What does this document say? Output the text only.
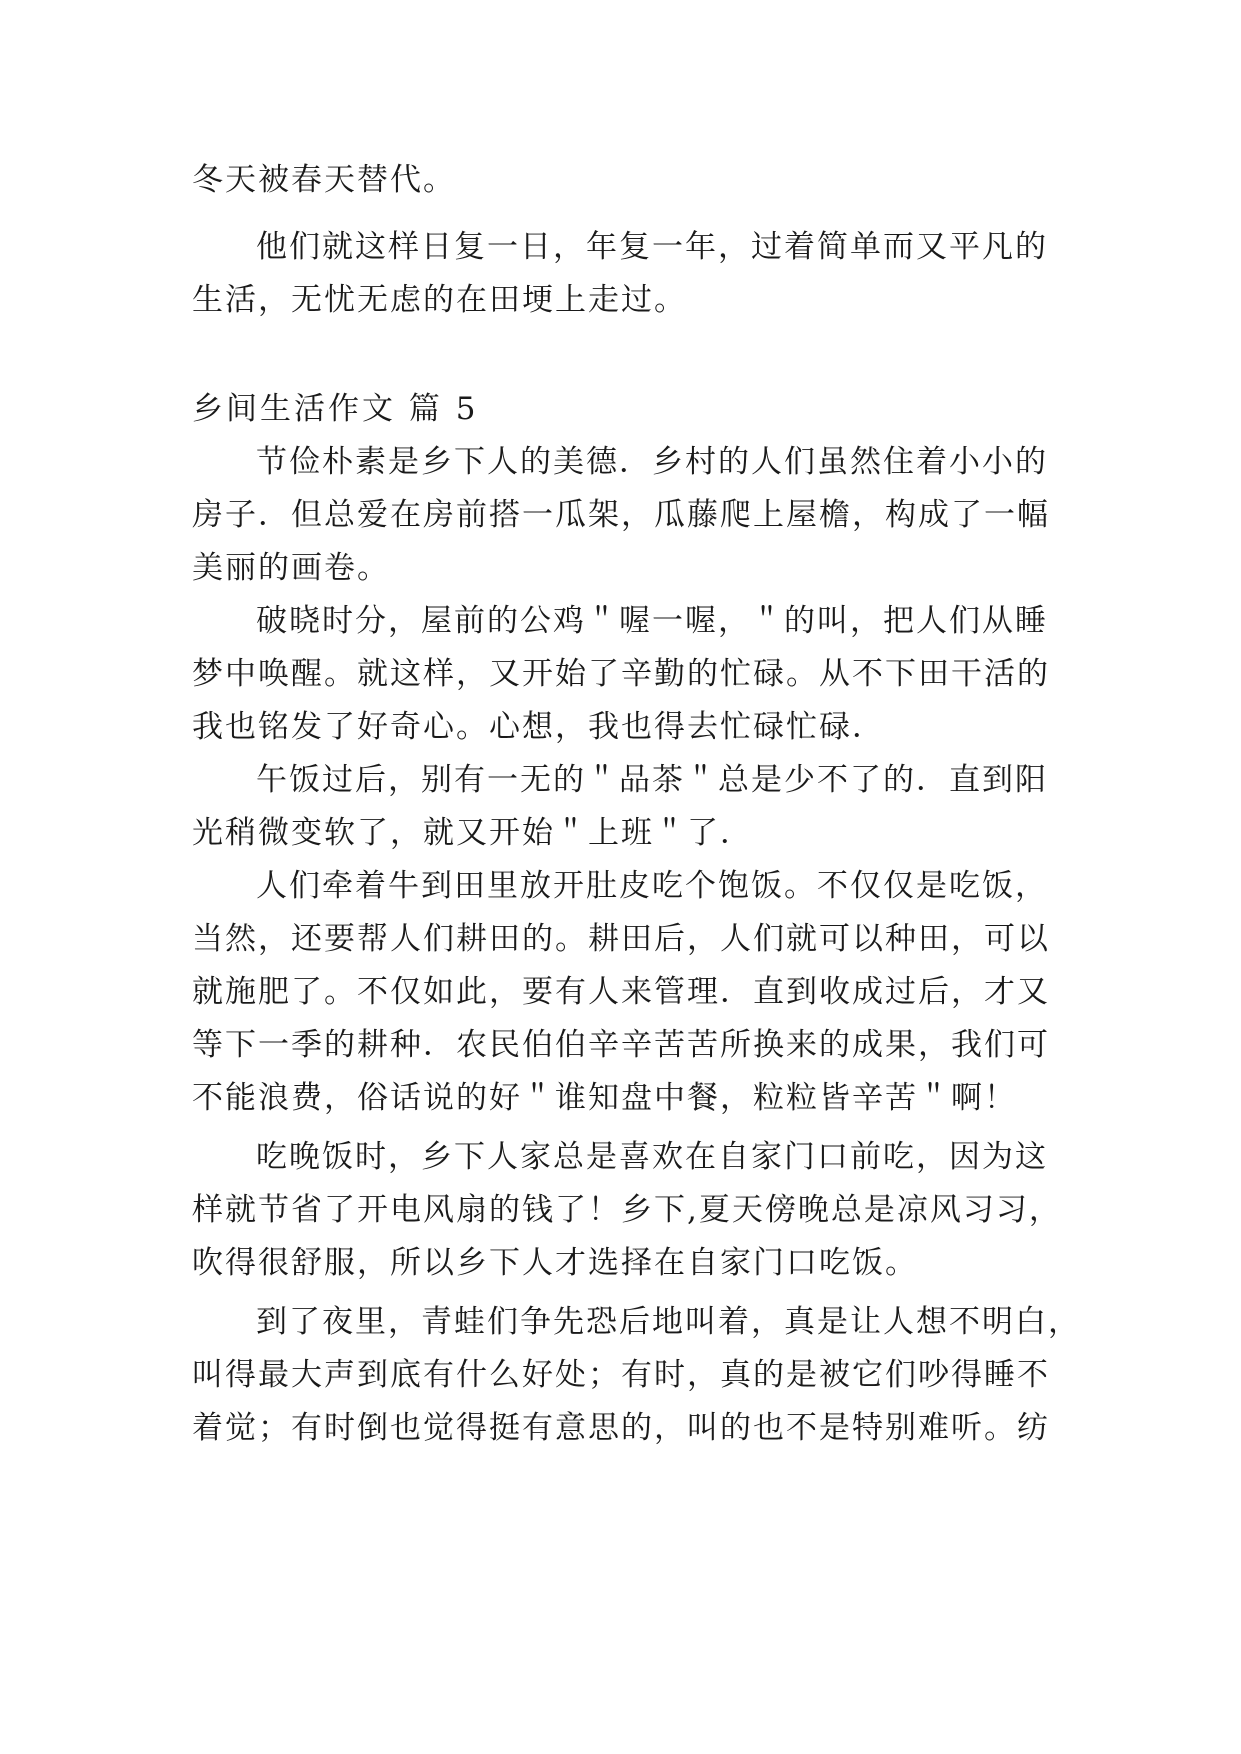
冬天被春天替代。
他们就这样日复一日，年复一年，过着简单而又平凡的
生活，无忧无虑的在田埂上走过。
乡间生活作文 篇 5
节俭朴素是乡下人的美德．乡村的人们虽然住着小小的
房子．但总爱在房前搭一瓜架，瓜藤爬上屋檐，构成了一幅
美丽的画卷。
破晓时分，屋前的公鸡＂喔一喔，＂的叫，把人们从睡
梦中唤醒。就这样，又开始了辛勤的忙碌。从不下田干活的
我也铭发了好奇心。心想，我也得去忙碌忙碌．
午饭过后，别有一无的＂品茶＂总是少不了的．直到阳
光稍微变软了，就又开始＂上班＂了．
人们牵着牛到田里放开肚皮吃个饱饭。不仅仅是吃饭，
当然，还要帮人们耕田的。耕田后，人们就可以种田，可以
就施肥了。不仅如此，要有人来管理．直到收成过后，才又
等下一季的耕种．农民伯伯辛辛苦苦所换来的成果，我们可
不能浪费，俗话说的好＂谁知盘中餐，粒粒皆辛苦＂啊！
吃晚饭时，乡下人家总是喜欢在自家门口前吃，因为这
样就节省了开电风扇的钱了！乡下,夏天傍晚总是凉风习习，
吹得很舒服，所以乡下人才选择在自家门口吃饭。
到了夜里，青蛙们争先恐后地叫着，真是让人想不明白，
叫得最大声到底有什么好处；有时，真的是被它们吵得睡不
着觉；有时倒也觉得挺有意思的，叫的也不是特别难听。纺
